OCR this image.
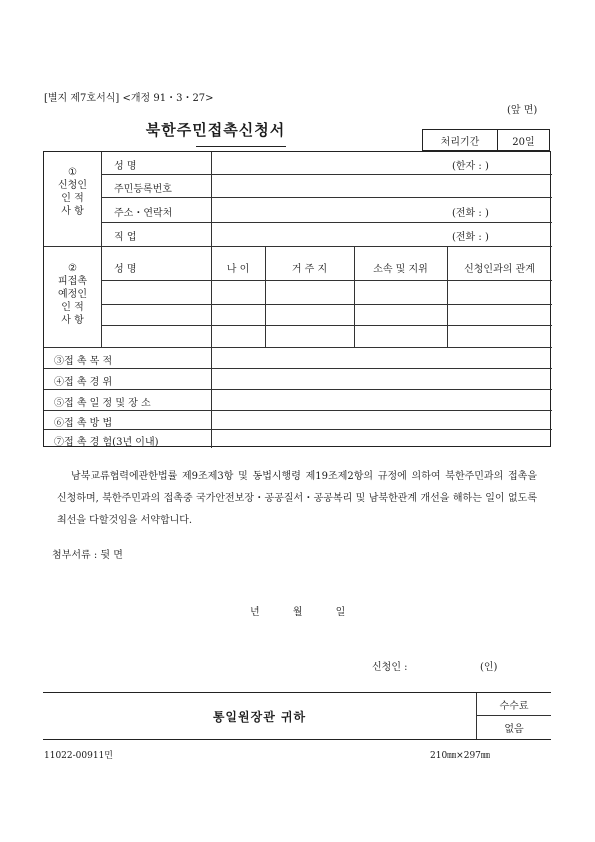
[별지 제7호서식] <개정 91・3・27>
(앞 면)
북한주민접촉신청서
처리기간	20일
①
신청인
인 적
사 항
성 명	(한자 : )
주민등록번호
주소・연락처	(전화 : )
직 업	(전화 : )
②
피접촉
예정인
인 적
사 항
성 명	나 이	거 주 지	소속 및 지위	신청인과의 관계
③접 촉 목 적
④접 촉 경 위
⑤접 촉 일 정 및 장 소
⑥접 촉 방 법
⑦접 촉 경 험(3년 이내)
남북교류협력에관한법률 제9조제3항 및 동법시행령 제19조제2항의 규정에 의하여 북한주민과의 접촉을 신청하며, 북한주민과의 접촉중 국가안전보장・공공질서・공공복리 및 남북한관계 개선을 해하는 일이 없도록 최선을 다할것임을 서약합니다.
첨부서류 : 뒷 면
년 월 일
신청인 :	(인)
통일원장관 귀하
수수료
없음
11022-00911민	210㎜×297㎜
